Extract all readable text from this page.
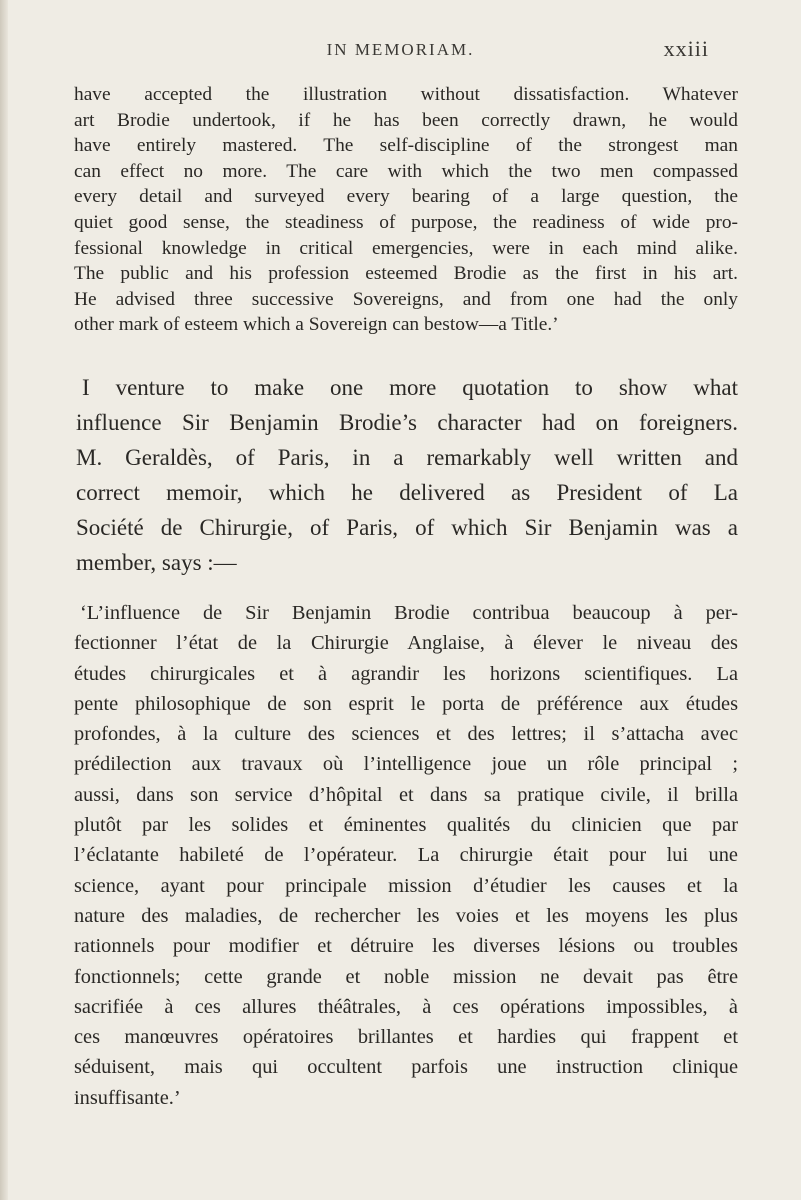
IN MEMORIAM.	xxiii
have accepted the illustration without dissatisfaction. Whatever
art Brodie undertook, if he has been correctly drawn, he would
have entirely mastered. The self-discipline of the strongest man
can effect no more. The care with which the two men compassed
every detail and surveyed every bearing of a large question, the
quiet good sense, the steadiness of purpose, the readiness of wide pro-
fessional knowledge in critical emergencies, were in each mind alike.
The public and his profession esteemed Brodie as the first in his art.
He advised three successive Sovereigns, and from one had the only
other mark of esteem which a Sovereign can bestow—a Title.’
I venture to make one more quotation to show what
influence Sir Benjamin Brodie’s character had on foreigners.
M. Geraldès, of Paris, in a remarkably well written and
correct memoir, which he delivered as President of La
Société de Chirurgie, of Paris, of which Sir Benjamin was a
member, says :—
‘L’influence de Sir Benjamin Brodie contribua beaucoup à per-
fectionner l’état de la Chirurgie Anglaise, à élever le niveau des
études chirurgicales et à agrandir les horizons scientifiques. La
pente philosophique de son esprit le porta de préférence aux études
profondes, à la culture des sciences et des lettres; il s’attacha avec
prédilection aux travaux où l’intelligence joue un rôle principal ;
aussi, dans son service d’hôpital et dans sa pratique civile, il brilla
plutôt par les solides et éminentes qualités du clinicien que par
l’éclatante habileté de l’opérateur. La chirurgie était pour lui une
science, ayant pour principale mission d’étudier les causes et la
nature des maladies, de rechercher les voies et les moyens les plus
rationnels pour modifier et détruire les diverses lésions ou troubles
fonctionnels; cette grande et noble mission ne devait pas être
sacrifiée à ces allures théâtrales, à ces opérations impossibles, à
ces manœuvres opératoires brillantes et hardies qui frappent et
séduisent, mais qui occultent parfois une instruction clinique
insuffisante.’
